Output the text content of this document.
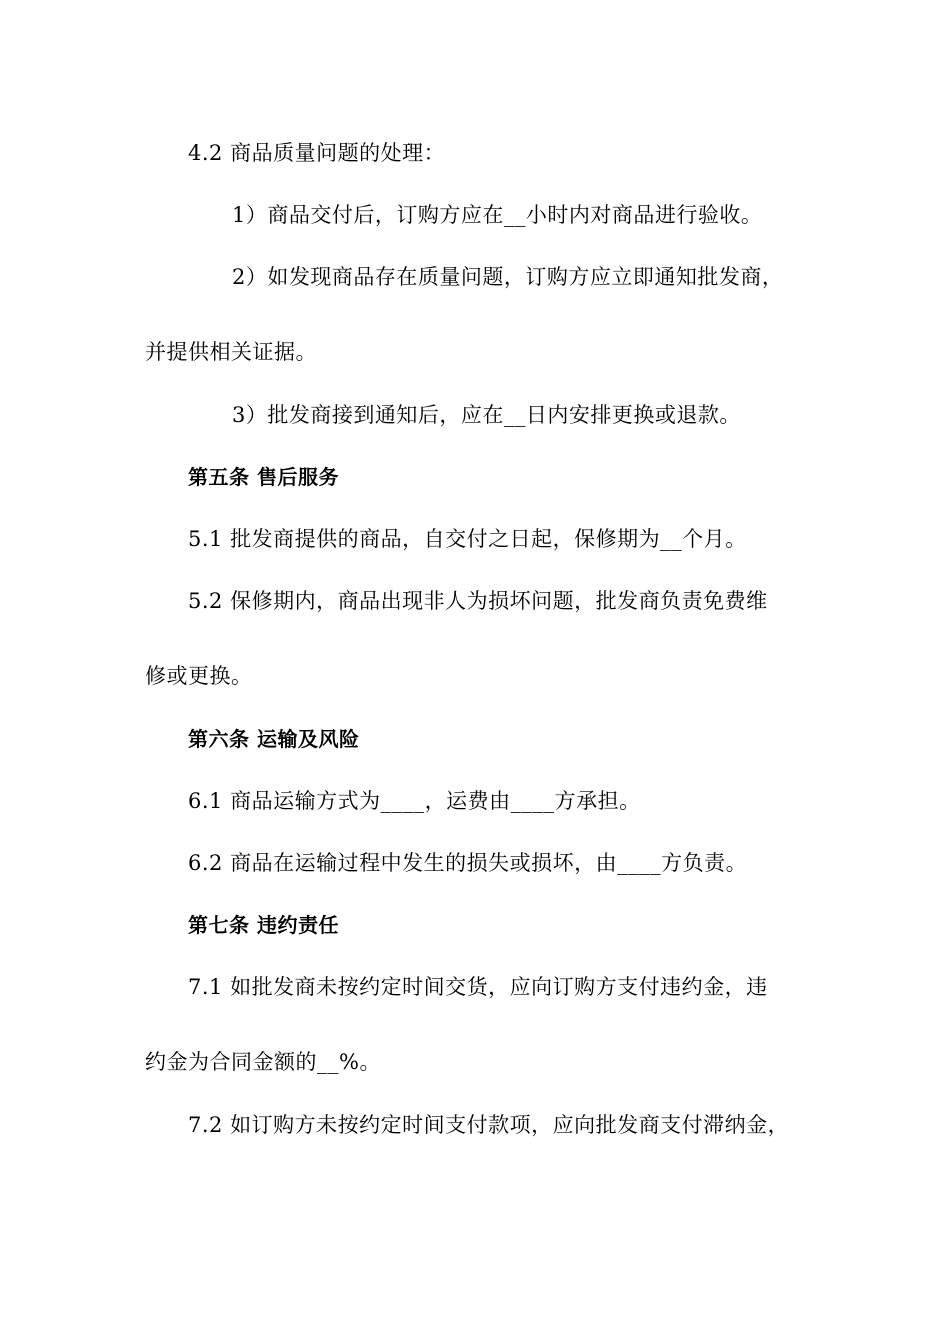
4.2 商品质量问题的处理：
1）商品交付后，订购方应在__小时内对商品进行验收。
2）如发现商品存在质量问题，订购方应立即通知批发商，
并提供相关证据。
3）批发商接到通知后，应在__日内安排更换或退款。
第五条 售后服务
5.1 批发商提供的商品，自交付之日起，保修期为__个月。
5.2 保修期内，商品出现非人为损坏问题，批发商负责免费维
修或更换。
第六条 运输及风险
6.1 商品运输方式为____，运费由____方承担。
6.2 商品在运输过程中发生的损失或损坏，由____方负责。
第七条 违约责任
7.1 如批发商未按约定时间交货，应向订购方支付违约金，违
约金为合同金额的__%。
7.2 如订购方未按约定时间支付款项，应向批发商支付滞纳金，
